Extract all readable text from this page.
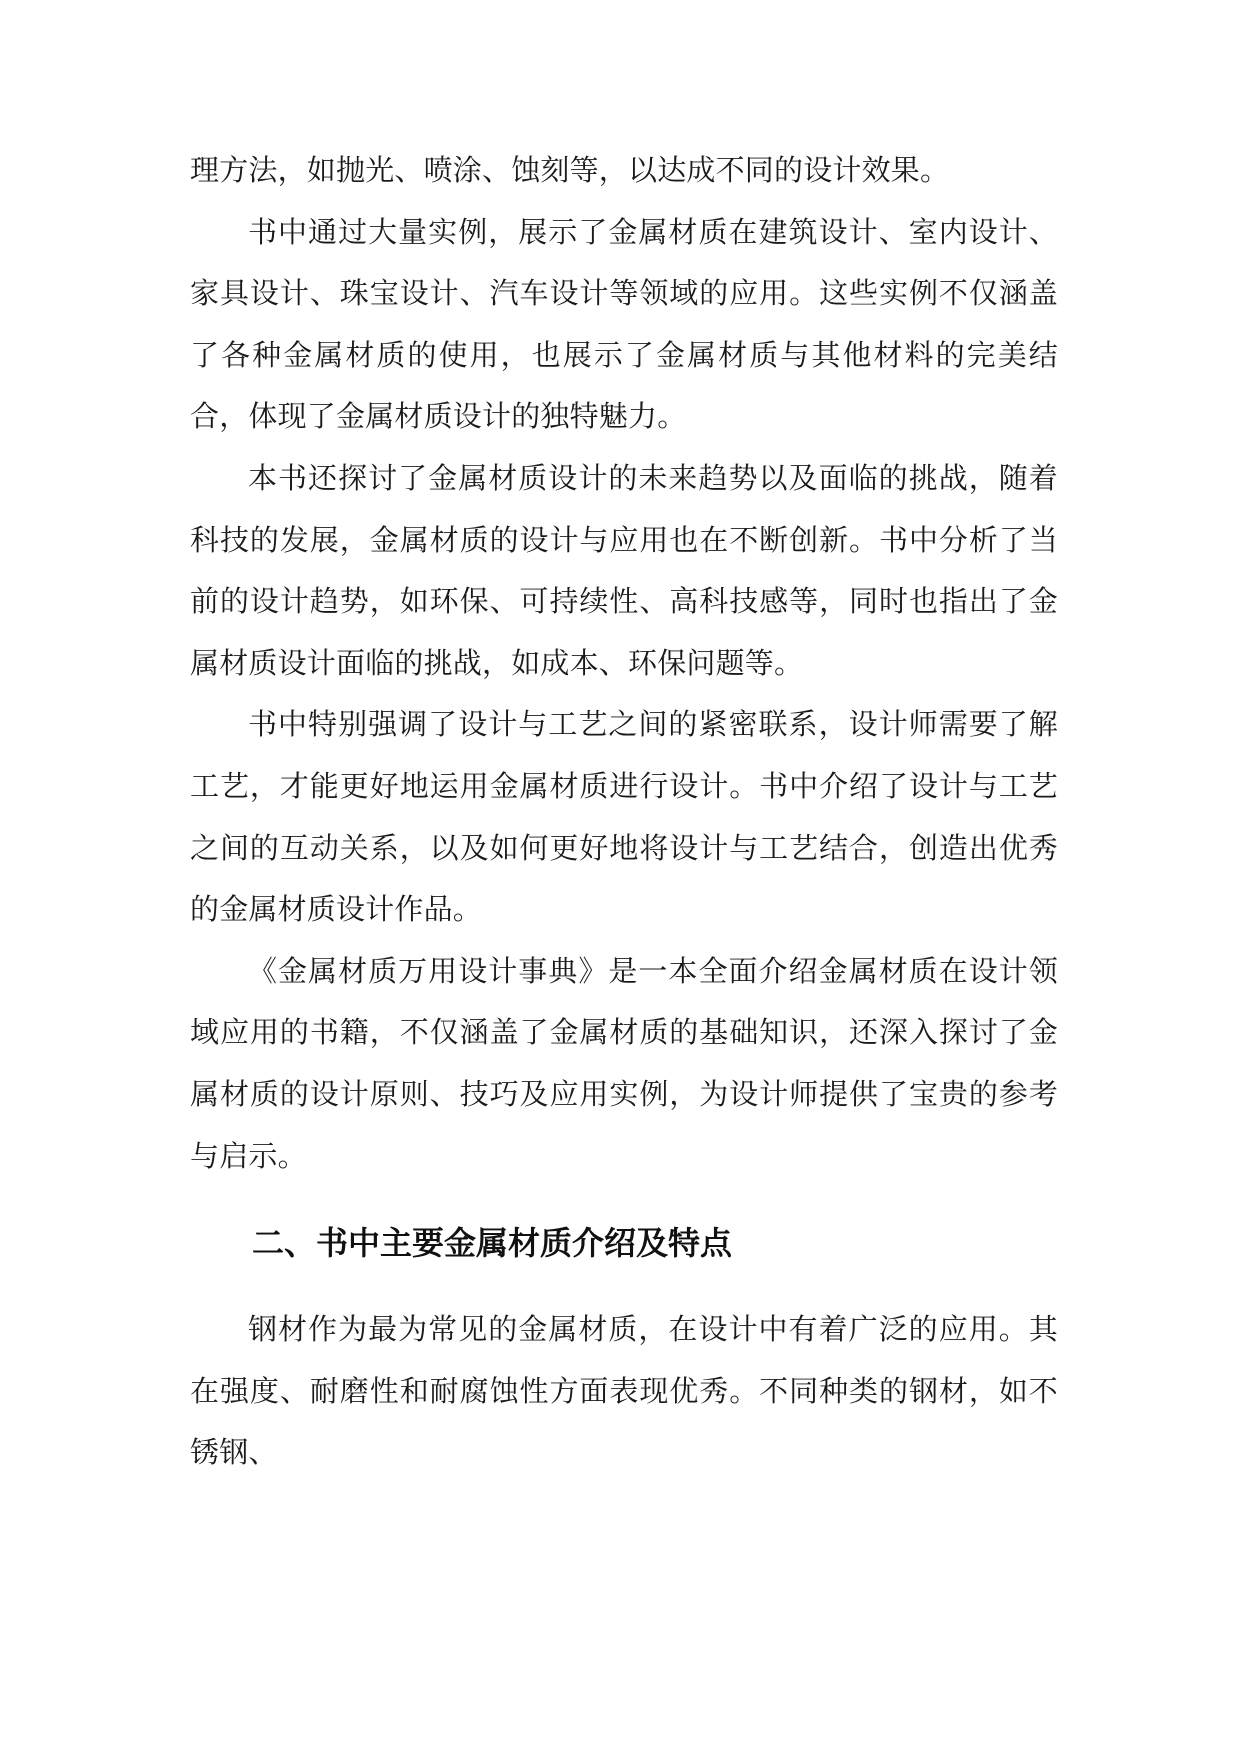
理方法，如抛光、喷涂、蚀刻等，以达成不同的设计效果。

书中通过大量实例，展示了金属材质在建筑设计、室内设计、家具设计、珠宝设计、汽车设计等领域的应用。这些实例不仅涵盖了各种金属材质的使用，也展示了金属材质与其他材料的完美结合，体现了金属材质设计的独特魅力。

本书还探讨了金属材质设计的未来趋势以及面临的挑战，随着科技的发展，金属材质的设计与应用也在不断创新。书中分析了当前的设计趋势，如环保、可持续性、高科技感等，同时也指出了金属材质设计面临的挑战，如成本、环保问题等。

书中特别强调了设计与工艺之间的紧密联系，设计师需要了解工艺，才能更好地运用金属材质进行设计。书中介绍了设计与工艺之间的互动关系，以及如何更好地将设计与工艺结合，创造出优秀的金属材质设计作品。

《金属材质万用设计事典》是一本全面介绍金属材质在设计领域应用的书籍，不仅涵盖了金属材质的基础知识，还深入探讨了金属材质的设计原则、技巧及应用实例，为设计师提供了宝贵的参考与启示。

二、书中主要金属材质介绍及特点

钢材作为最为常见的金属材质，在设计中有着广泛的应用。其在强度、耐磨性和耐腐蚀性方面表现优秀。不同种类的钢材，如不锈钢、
